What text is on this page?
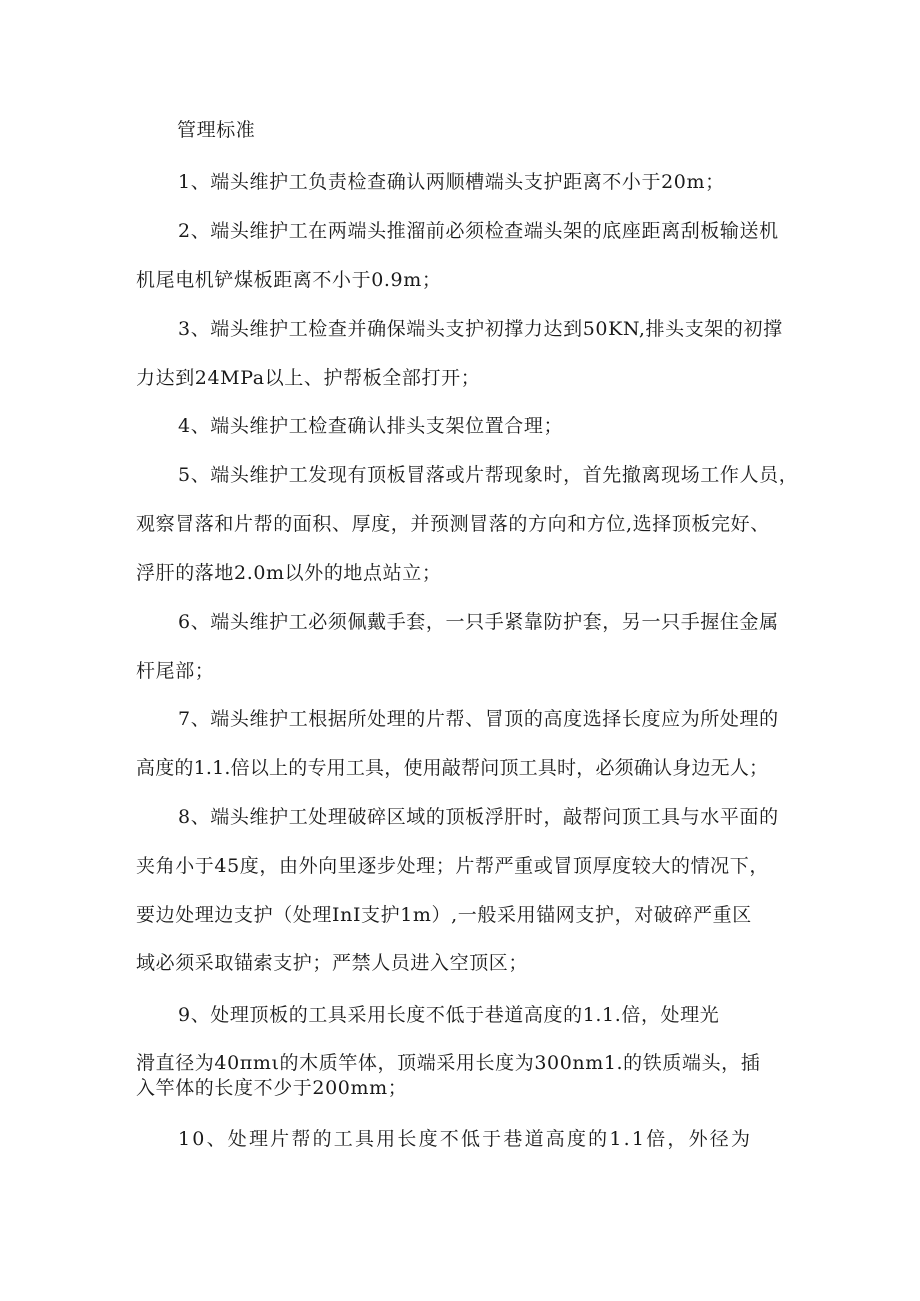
管理标准
1、端头维护工负责检查确认两顺槽端头支护距离不小于20m；
2、端头维护工在两端头推溜前必须检查端头架的底座距离刮板输送机
机尾电机铲煤板距离不小于0.9m；
3、端头维护工检查并确保端头支护初撑力达到50KN,排头支架的初撑
力达到24MPa以上、护帮板全部打开；
4、端头维护工检查确认排头支架位置合理；
5、端头维护工发现有顶板冒落或片帮现象时，首先撤离现场工作人员，
观察冒落和片帮的面积、厚度，并预测冒落的方向和方位,选择顶板完好、
浮肝的落地2.0m以外的地点站立；
6、端头维护工必须佩戴手套，一只手紧靠防护套，另一只手握住金属
杆尾部；
7、端头维护工根据所处理的片帮、冒顶的高度选择长度应为所处理的
高度的1.1.倍以上的专用工具，使用敲帮问顶工具时，必须确认身边无人；
8、端头维护工处理破碎区域的顶板浮肝时，敲帮问顶工具与水平面的
夹角小于45度，由外向里逐步处理；片帮严重或冒顶厚度较大的情况下，
要边处理边支护（处理InI支护1m）,一般采用锚网支护，对破碎严重区
域必须采取锚索支护；严禁人员进入空顶区；
9、处理顶板的工具采用长度不低于巷道高度的1.1.倍，处理光
滑直径为40πmι的木质竿体，顶端采用长度为300nm1.的铁质端头，插
入竿体的长度不少于200mm；
10、处理片帮的工具用长度不低于巷道高度的1.1倍，外径为
